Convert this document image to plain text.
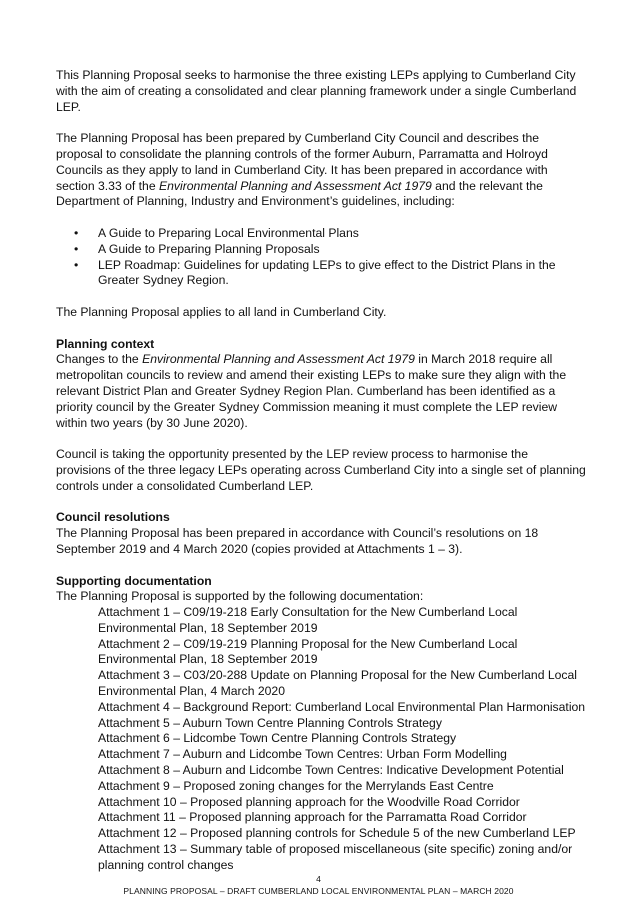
This Planning Proposal seeks to harmonise the three existing LEPs applying to Cumberland City with the aim of creating a consolidated and clear planning framework under a single Cumberland LEP.

The Planning Proposal has been prepared by Cumberland City Council and describes the proposal to consolidate the planning controls of the former Auburn, Parramatta and Holroyd Councils as they apply to land in Cumberland City. It has been prepared in accordance with section 3.33 of the Environmental Planning and Assessment Act 1979 and the relevant the Department of Planning, Industry and Environment’s guidelines, including:

• A Guide to Preparing Local Environmental Plans
• A Guide to Preparing Planning Proposals
• LEP Roadmap: Guidelines for updating LEPs to give effect to the District Plans in the Greater Sydney Region.

The Planning Proposal applies to all land in Cumberland City.

Planning context

Changes to the Environmental Planning and Assessment Act 1979 in March 2018 require all metropolitan councils to review and amend their existing LEPs to make sure they align with the relevant District Plan and Greater Sydney Region Plan. Cumberland has been identified as a priority council by the Greater Sydney Commission meaning it must complete the LEP review within two years (by 30 June 2020).

Council is taking the opportunity presented by the LEP review process to harmonise the provisions of the three legacy LEPs operating across Cumberland City into a single set of planning controls under a consolidated Cumberland LEP.

Council resolutions

The Planning Proposal has been prepared in accordance with Council’s resolutions on 18 September 2019 and 4 March 2020 (copies provided at Attachments 1 – 3).

Supporting documentation

The Planning Proposal is supported by the following documentation:

Attachment 1 – C09/19-218 Early Consultation for the New Cumberland Local Environmental Plan, 18 September 2019
Attachment 2 – C09/19-219 Planning Proposal for the New Cumberland Local Environmental Plan, 18 September 2019
Attachment 3 – C03/20-288 Update on Planning Proposal for the New Cumberland Local Environmental Plan, 4 March 2020
Attachment 4 – Background Report: Cumberland Local Environmental Plan Harmonisation
Attachment 5 – Auburn Town Centre Planning Controls Strategy
Attachment 6 – Lidcombe Town Centre Planning Controls Strategy
Attachment 7 – Auburn and Lidcombe Town Centres: Urban Form Modelling
Attachment 8 – Auburn and Lidcombe Town Centres: Indicative Development Potential
Attachment 9 – Proposed zoning changes for the Merrylands East Centre
Attachment 10 – Proposed planning approach for the Woodville Road Corridor
Attachment 11 – Proposed planning approach for the Parramatta Road Corridor
Attachment 12 – Proposed planning controls for Schedule 5 of the new Cumberland LEP
Attachment 13 – Summary table of proposed miscellaneous (site specific) zoning and/or planning control changes
4
PLANNING PROPOSAL – DRAFT CUMBERLAND LOCAL ENVIRONMENTAL PLAN – MARCH 2020
